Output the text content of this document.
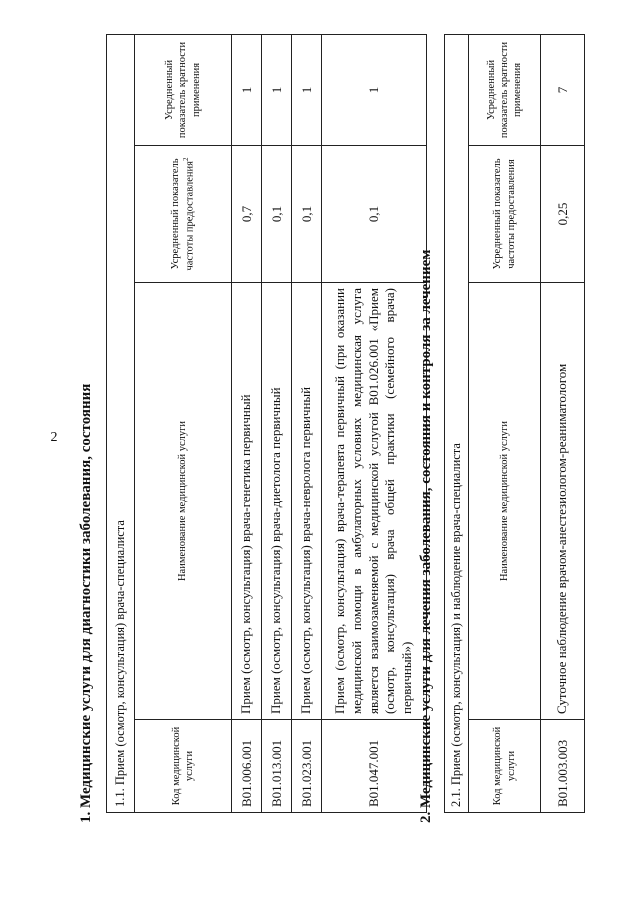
2	1. Медицинские услуги для диагностики заболевания, состояния 1.1. Прием (осмотр, консультация) врача-специалиста			
Код медицинской услуги	Наименование медицинской услуги	Усредненный показатель частоты предоставления$^2$	Усредненный показатель кратности применения
B01.006.001	Прием (осмотр, консультация) врача-генетика первичный	0,7	1
B01.013.001	Прием (осмотр, консультация) врача-диетолога первичный	0,1	1
B01.023.001	Прием (осмотр, консультация) врача-невролога первичный	0,1	1
B01.047.001	Прием (осмотр, консультация) врача-терапевта первичный (при оказании медицинской помощи в амбулаторных условиях медицинская услуга является взаимозаменяемой с медицинской услугой B01.026.001 «Прием (осмотр, консультация) врача общей практики (семейного врача) первичный»)	0,1	1
2. Медицинские услуги для лечения заболевания, состояния и контроля за лечением 2.1. Прием (осмотр, консультация) и наблюдение врача-специалиста			
Код медицинской услуги	Наименование медицинской услуги	Усредненный показатель частоты предоставления	Усредненный показатель кратности применения
B01.003.003	Суточное наблюдение врачом-анестезиологом-реаниматологом	0,25	7
